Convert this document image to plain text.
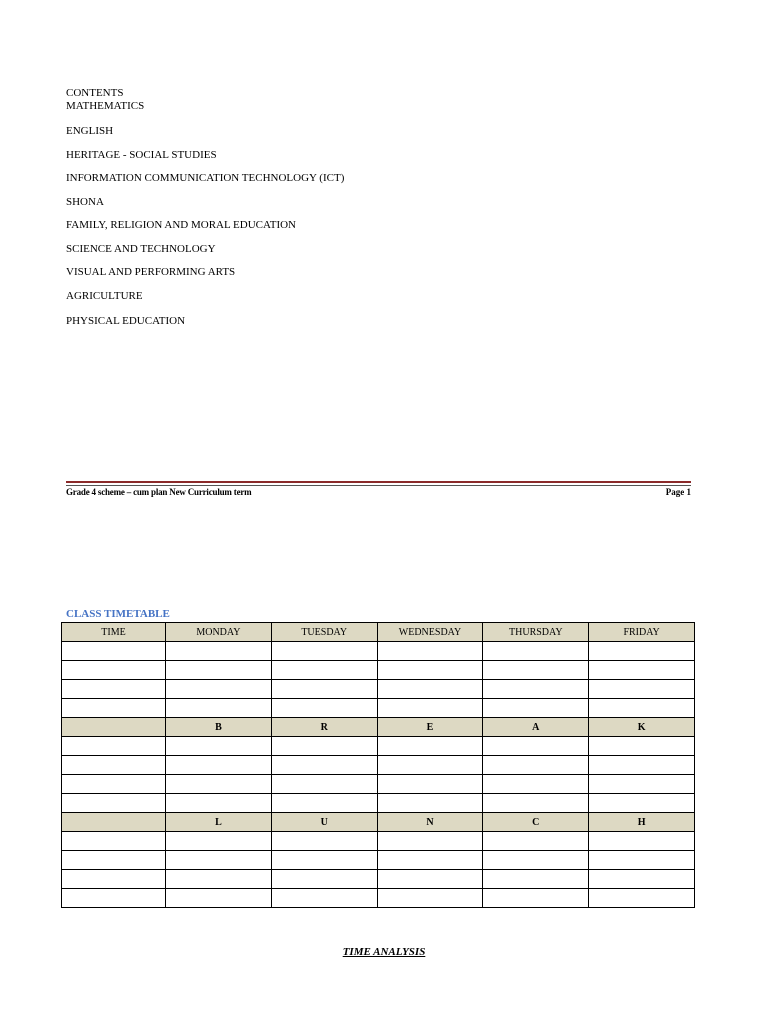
CONTENTS
MATHEMATICS
ENGLISH
HERITAGE - SOCIAL STUDIES
INFORMATION COMMUNICATION TECHNOLOGY (ICT)
SHONA
FAMILY, RELIGION AND MORAL EDUCATION
SCIENCE AND TECHNOLOGY
VISUAL AND PERFORMING ARTS
AGRICULTURE
PHYSICAL EDUCATION
Grade 4 scheme – cum plan New Curriculum term	Page 1
CLASS TIMETABLE
TIME	MONDAY	TUESDAY	WEDNESDAY	THURSDAY	FRIDAY

	B	R	E	A	K

	L	U	N	C	H

TIME ANALYSIS
